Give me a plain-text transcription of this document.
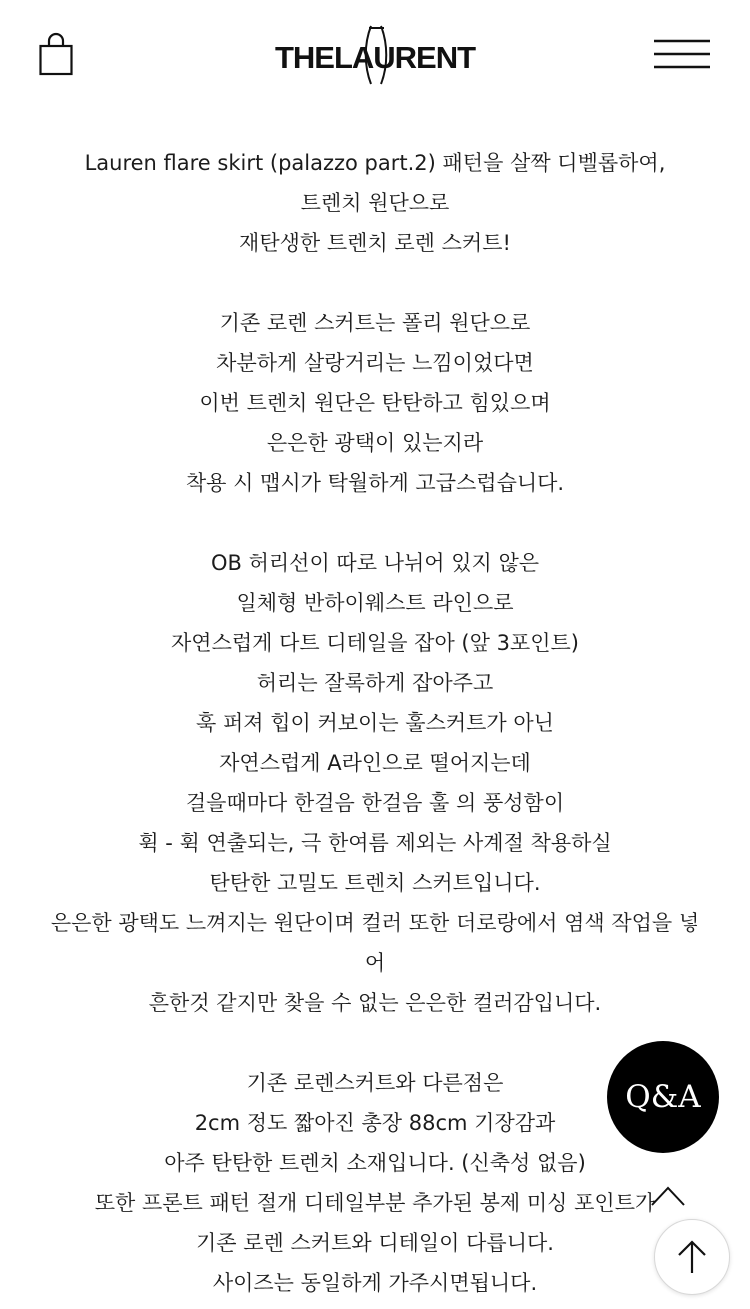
THELAURENT
Lauren flare skirt (palazzo part.2) 패턴을 살짝 디벨롭하여,
트렌치 원단으로
재탄생한 트렌치 로렌 스커트!
기존 로렌 스커트는 폴리 원단으로
차분하게 살랑거리는 느낌이었다면
이번 트렌치 원단은 탄탄하고 힘있으며
은은한 광택이 있는지라
착용 시 맵시가 탁월하게 고급스럽습니다.
OB 허리선이 따로 나뉘어 있지 않은
일체형 반하이웨스트 라인으로
자연스럽게 다트 디테일을 잡아 (앞 3포인트)
허리는 잘록하게 잡아주고
훅 퍼져 힙이 커보이는 훌스커트가 아닌
자연스럽게 A라인으로 떨어지는데
걸을때마다 한걸음 한걸음 훌 의 풍성함이
휙 - 휙 연출되는, 극 한여름 제외는 사계절 착용하실
탄탄한 고밀도 트렌치 스커트입니다.
은은한 광택도 느껴지는 원단이며 컬러 또한 더로랑에서 염색 작업을 넣
어
흔한것 같지만 찾을 수 없는 은은한 컬러감입니다.
기존 로렌스커트와 다른점은
2cm 정도 짧아진 총장 88cm 기장감과
아주 탄탄한 트렌치 소재입니다. (신축성 없음)
또한 프론트 패턴 절개 디테일부분 추가된 봉제 미싱 포인트가
기존 로렌 스커트와 디테일이 다릅니다.
사이즈는 동일하게 가주시면됩니다.
Q&A
